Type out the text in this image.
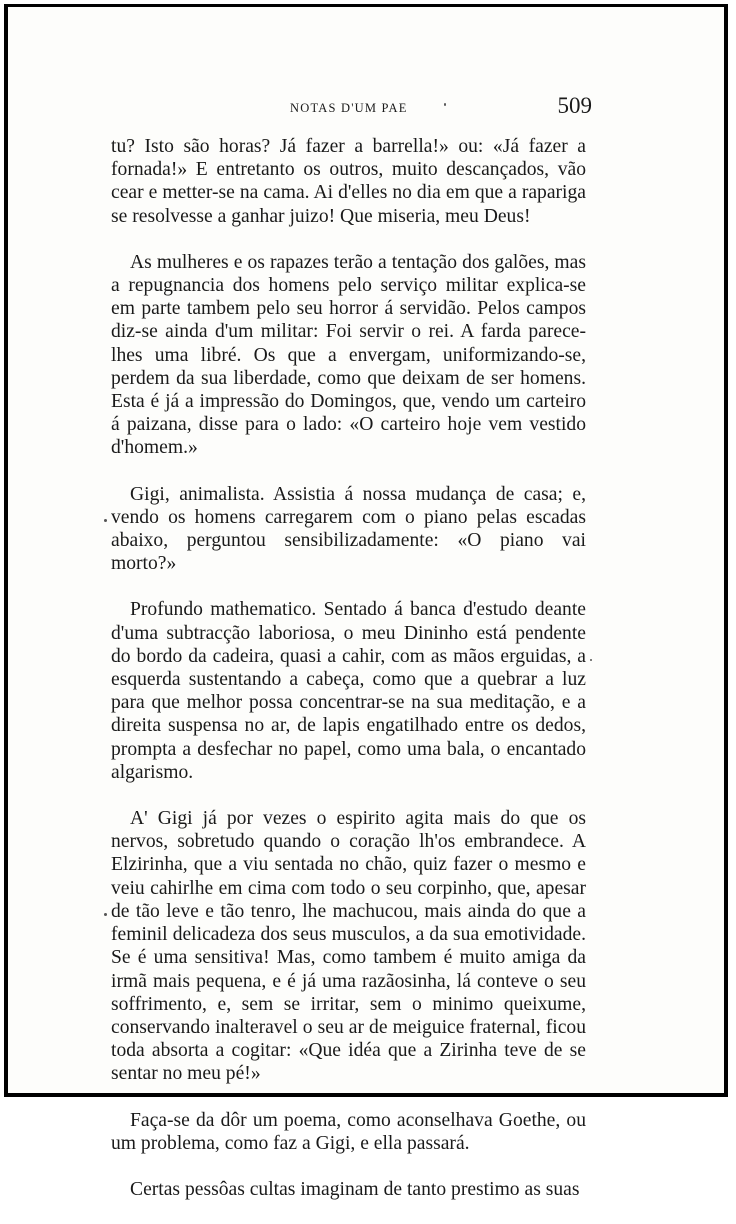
NOTAS D'UM PAE	509

tu? Isto são horas? Já fazer a barrella!» ou: «Já fazer a fornada!» E entretanto os outros, muito descançados, vão cear e metter-se na cama. Ai d'elles no dia em que a rapariga se resolvesse a ganhar juizo! Que miseria, meu Deus!

As mulheres e os rapazes terão a tentação dos galões, mas a repugnancia dos homens pelo serviço militar explica-se em parte tambem pelo seu horror á servidão. Pelos campos diz-se ainda d'um militar: Foi servir o rei. A farda parece-lhes uma libré. Os que a envergam, uniformizando-se, perdem da sua liberdade, como que deixam de ser homens. Esta é já a impressão do Domingos, que, vendo um carteiro á paizana, disse para o lado: «O carteiro hoje vem vestido d'homem.»

Gigi, animalista. Assistia á nossa mudança de casa; e, vendo os homens carregarem com o piano pelas escadas abaixo, perguntou sensibilizadamente: «O piano vai morto?»

Profundo mathematico. Sentado á banca d'estudo deante d'uma subtracção laboriosa, o meu Dininho está pendente do bordo da cadeira, quasi a cahir, com as mãos erguidas, a esquerda sustentando a cabeça, como que a quebrar a luz para que melhor possa concentrar-se na sua meditação, e a direita suspensa no ar, de lapis engatilhado entre os dedos, prompta a desfechar no papel, como uma bala, o encantado algarismo.

A' Gigi já por vezes o espirito agita mais do que os nervos, sobretudo quando o coração lh'os embrandece. A Elzirinha, que a viu sentada no chão, quiz fazer o mesmo e veiu cahirlhe em cima com todo o seu corpinho, que, apesar de tão leve e tão tenro, lhe machucou, mais ainda do que a feminil delicadeza dos seus musculos, a da sua emotividade. Se é uma sensitiva! Mas, como tambem é muito amiga da irmã mais pequena, e é já uma razãosinha, lá conteve o seu soffrimento, e, sem se irritar, sem o minimo queixume, conservando inalteravel o seu ar de meiguice fraternal, ficou toda absorta a cogitar: «Que idéa que a Zirinha teve de se sentar no meu pé!»

Faça-se da dôr um poema, como aconselhava Goethe, ou um problema, como faz a Gigi, e ella passará.

Certas pessôas cultas imaginam de tanto prestimo as suas
